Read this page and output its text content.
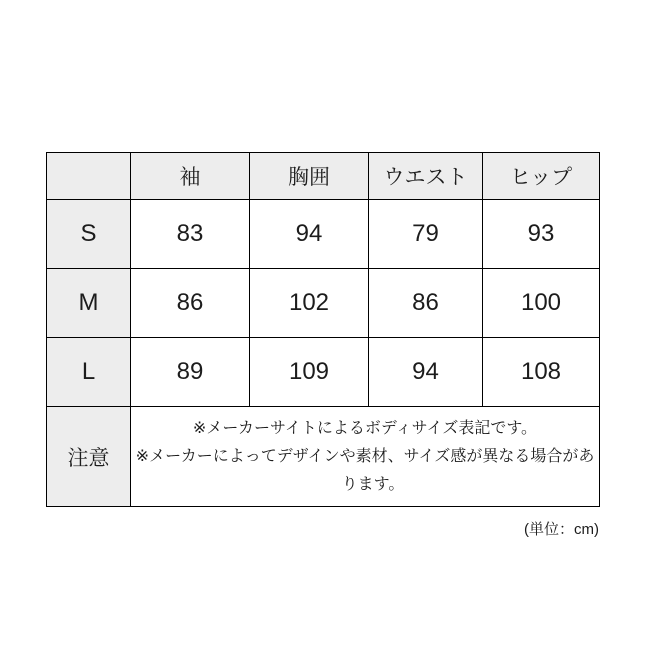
	袖	胸囲	ウエスト	ヒップ
S	83	94	79	93
M	86	102	86	100
L	89	109	94	108
注意	※メーカーサイトによるボディサイズ表記です。
※メーカーによってデザインや素材、サイズ感が異なる場合があります。			
(単位：cm)
